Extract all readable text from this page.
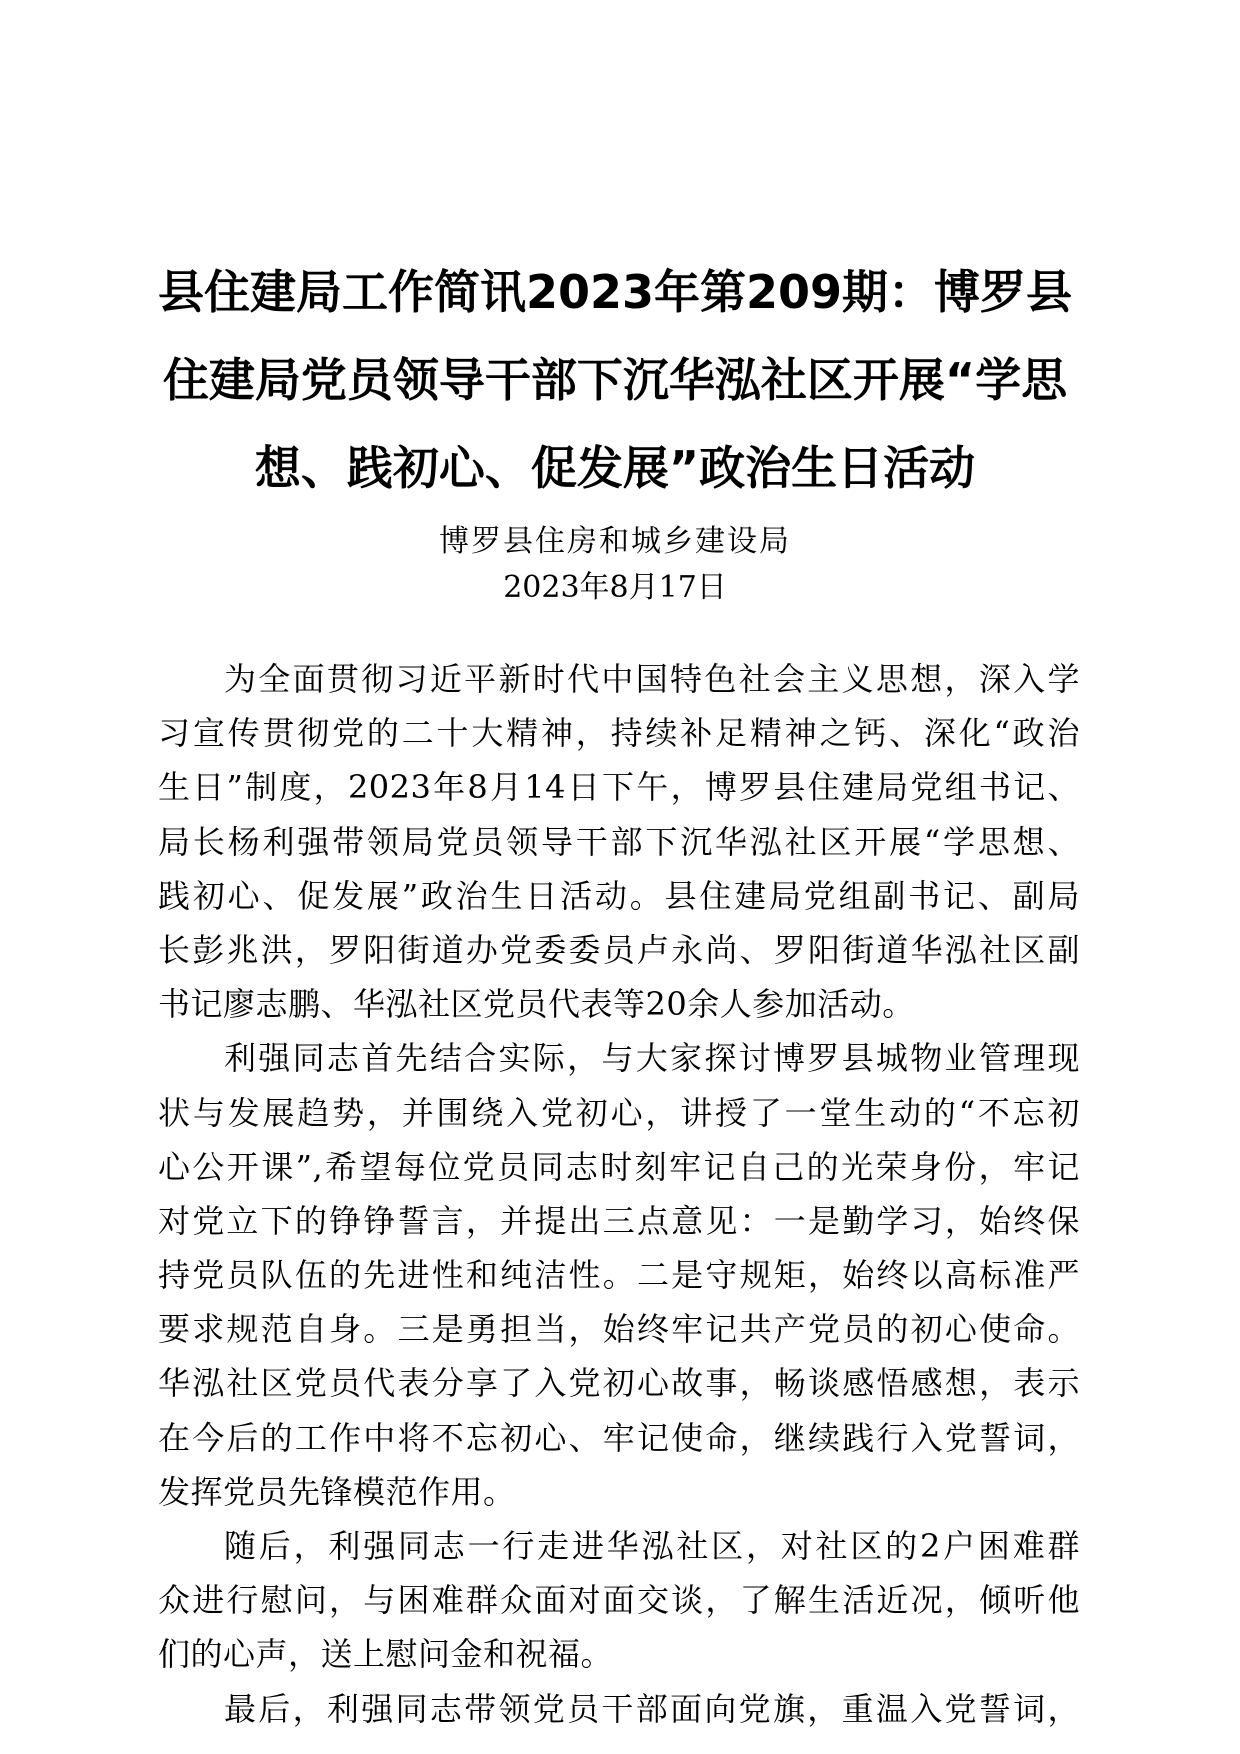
县住建局工作简讯2023年第209期：博罗县
住建局党员领导干部下沉华泓社区开展“学思
想、践初心、促发展”政治生日活动
博罗县住房和城乡建设局
2023年8月17日
为全面贯彻习近平新时代中国特色社会主义思想，深入学
习宣传贯彻党的二十大精神，持续补足精神之钙、深化“政治
生日”制度，2023年8月14日下午，博罗县住建局党组书记、
局长杨利强带领局党员领导干部下沉华泓社区开展“学思想、
践初心、促发展”政治生日活动。县住建局党组副书记、副局
长彭兆洪，罗阳街道办党委委员卢永尚、罗阳街道华泓社区副
书记廖志鹏、华泓社区党员代表等20余人参加活动。
利强同志首先结合实际，与大家探讨博罗县城物业管理现
状与发展趋势，并围绕入党初心，讲授了一堂生动的“不忘初
心公开课”,希望每位党员同志时刻牢记自己的光荣身份，牢记
对党立下的铮铮誓言，并提出三点意见：一是勤学习，始终保
持党员队伍的先进性和纯洁性。二是守规矩，始终以高标准严
要求规范自身。三是勇担当，始终牢记共产党员的初心使命。
华泓社区党员代表分享了入党初心故事，畅谈感悟感想，表示
在今后的工作中将不忘初心、牢记使命，继续践行入党誓词，
发挥党员先锋模范作用。
随后，利强同志一行走进华泓社区，对社区的2户困难群
众进行慰问，与困难群众面对面交谈，了解生活近况，倾听他
们的心声，送上慰问金和祝福。
最后，利强同志带领党员干部面向党旗，重温入党誓词，
